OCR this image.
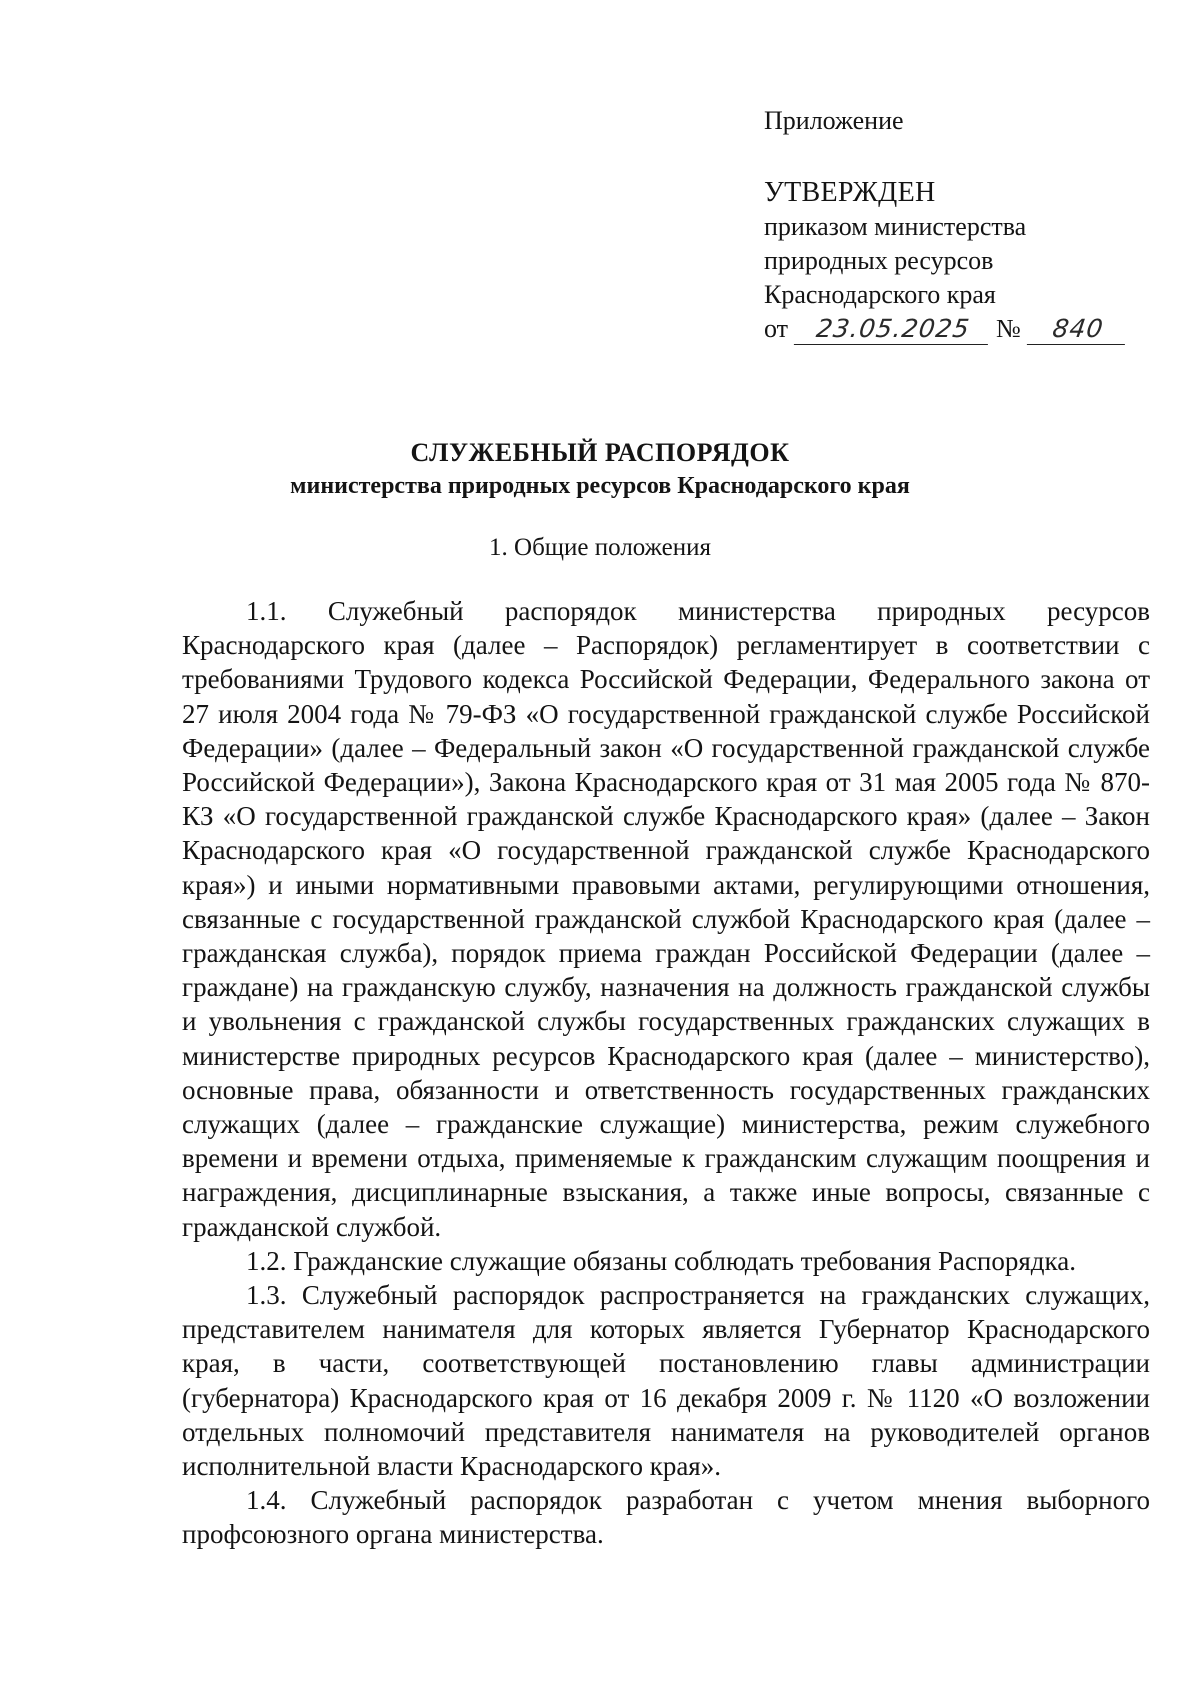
Приложение
УТВЕРЖДЕН
приказом министерства
природных ресурсов
Краснодарского края
от 23.05.2025 № 840
СЛУЖЕБНЫЙ РАСПОРЯДОК
министерства природных ресурсов Краснодарского края
1. Общие положения

1.1. Служебный распорядок министерства природных ресурсов Краснодарского края (далее – Распорядок) регламентирует в соответствии с требованиями Трудового кодекса Российской Федерации, Федерального закона от 27 июля 2004 года № 79-ФЗ «О государственной гражданской службе Российской Федерации» (далее – Федеральный закон «О государственной гражданской службе Российской Федерации»), Закона Краснодарского края от 31 мая 2005 года № 870-КЗ «О государственной гражданской службе Краснодарского края» (далее – Закон Краснодарского края «О государственной гражданской службе Краснодарского края») и иными нормативными правовыми актами, регулирующими отношения, связанные с государственной гражданской службой Краснодарского края (далее – гражданская служба), порядок приема граждан Российской Федерации (далее – граждане) на гражданскую службу, назначения на должность гражданской службы и увольнения с гражданской службы государственных гражданских служащих в министерстве природных ресурсов Краснодарского края (далее – министерство), основные права, обязанности и ответственность государственных гражданских служащих (далее – гражданские служащие) министерства, режим служебного времени и времени отдыха, применяемые к гражданским служащим поощрения и награждения, дисциплинарные взыскания, а также иные вопросы, связанные с гражданской службой.

1.2. Гражданские служащие обязаны соблюдать требования Распорядка.

1.3. Служебный распорядок распространяется на гражданских служащих, представителем нанимателя для которых является Губернатор Краснодарского края, в части, соответствующей постановлению главы администрации (губернатора) Краснодарского края от 16 декабря 2009 г. № 1120 «О возложении отдельных полномочий представителя нанимателя на руководителей органов исполнительной власти Краснодарского края».

1.4. Служебный распорядок разработан с учетом мнения выборного профсоюзного органа министерства.
